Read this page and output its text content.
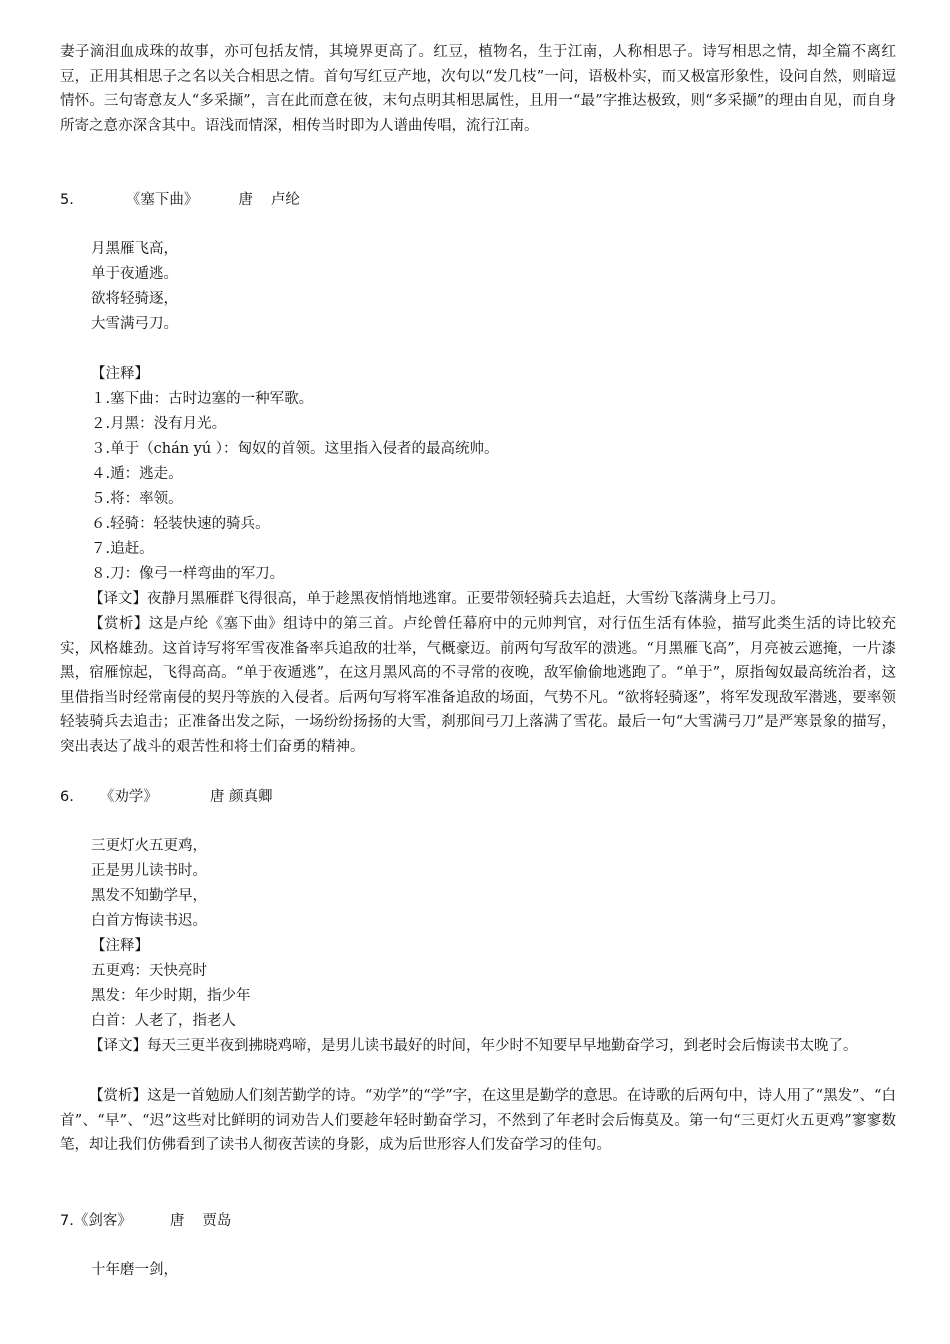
妻子滴泪血成珠的故事，亦可包括友情，其境界更高了。红豆，植物名，生于江南，人称相思子。诗写相思之情，却全篇不离红豆，正用其相思子之名以关合相思之情。首句写红豆产地，次句以“发几枝”一问，语极朴实，而又极富形象性，设问自然，则暗逗情怀。三句寄意友人“多采撷”，言在此而意在彼，末句点明其相思属性，且用一“最”字推达极致，则“多采撷”的理由自见，而自身所寄之意亦深含其中。语浅而情深，相传当时即为人谱曲传唱，流行江南。

5.	《塞下曲》	唐 卢纶
月黑雁飞高，
单于夜遁逃。
欲将轻骑逐，
大雪满弓刀。
【注释】
１.塞下曲：古时边塞的一种军歌。
２.月黑：没有月光。
３.单于（chán yú ）：匈奴的首领。这里指入侵者的最高统帅。
４.遁：逃走。
５.将：率领。
６.轻骑：轻装快速的骑兵。
７.追赶。
８.刀：像弓一样弯曲的军刀。

【译文】夜静月黑雁群飞得很高，单于趁黑夜悄悄地逃窜。正要带领轻骑兵去追赶，大雪纷飞落满身上弓刀。

【赏析】这是卢纶《塞下曲》组诗中的第三首。卢纶曾任幕府中的元帅判官，对行伍生活有体验，描写此类生活的诗比较充实，风格雄劲。这首诗写将军雪夜准备率兵追敌的壮举，气概豪迈。前两句写敌军的溃逃。“月黑雁飞高”，月亮被云遮掩，一片漆黑，宿雁惊起，飞得高高。“单于夜遁逃”，在这月黑风高的不寻常的夜晚，敌军偷偷地逃跑了。“单于”，原指匈奴最高统治者，这里借指当时经常南侵的契丹等族的入侵者。后两句写将军准备追敌的场面，气势不凡。“欲将轻骑逐”，将军发现敌军潜逃，要率领轻装骑兵去追击；正准备出发之际，一场纷纷扬扬的大雪，刹那间弓刀上落满了雪花。最后一句“大雪满弓刀”是严寒景象的描写，突出表达了战斗的艰苦性和将士们奋勇的精神。

6. 《劝学》	唐 颜真卿
三更灯火五更鸡，
正是男儿读书时。
黑发不知勤学早，
白首方悔读书迟。
【注释】
五更鸡：天快亮时
黑发：年少时期，指少年
白首：人老了，指老人

【译文】每天三更半夜到拂晓鸡啼，是男儿读书最好的时间，年少时不知要早早地勤奋学习，到老时会后悔读书太晚了。

【赏析】这是一首勉励人们刻苦勤学的诗。“劝学”的“学”字，在这里是勤学的意思。在诗歌的后两句中，诗人用了“黑发”、“白首”、“早”、“迟”这些对比鲜明的词劝告人们要趁年轻时勤奋学习，不然到了年老时会后悔莫及。第一句“三更灯火五更鸡”寥寥数笔，却让我们仿佛看到了读书人彻夜苦读的身影，成为后世形容人们发奋学习的佳句。

7.《剑客》	唐 贾岛
十年磨一剑，
